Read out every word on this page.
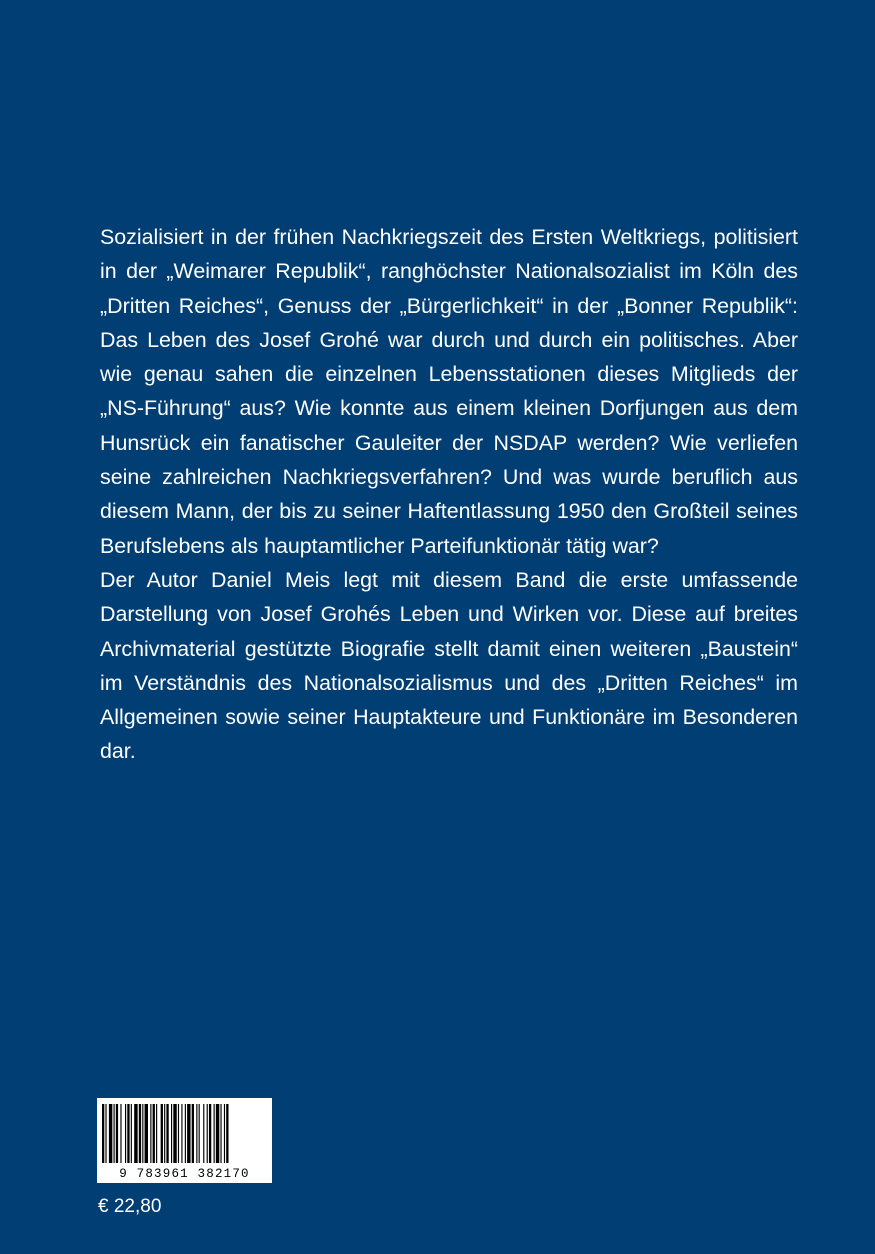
Sozialisiert in der frühen Nachkriegszeit des Ersten Weltkriegs, politisiert in der „Weimarer Republik“, ranghöchster Nationalsozialist im Köln des „Dritten Reiches“, Genuss der „Bürgerlichkeit“ in der „Bonner Republik“: Das Leben des Josef Grohé war durch und durch ein politisches. Aber wie genau sahen die einzelnen Lebensstationen dieses Mitglieds der „NS-Führung“ aus? Wie konnte aus einem kleinen Dorfjungen aus dem Hunsrück ein fanatischer Gauleiter der NSDAP werden? Wie verliefen seine zahlreichen Nachkriegsverfahren? Und was wurde beruflich aus diesem Mann, der bis zu seiner Haftentlassung 1950 den Großteil seines Berufslebens als hauptamtlicher Parteifunktionär tätig war?

Der Autor Daniel Meis legt mit diesem Band die erste umfassende Darstellung von Josef Grohés Leben und Wirken vor. Diese auf breites Archivmaterial gestützte Biografie stellt damit einen weiteren „Baustein“ im Verständnis des Nationalsozialismus und des „Dritten Reiches“ im Allgemeinen sowie seiner Hauptakteure und Funktionäre im Besonderen dar.

9 783961 382170
€ 22,80
